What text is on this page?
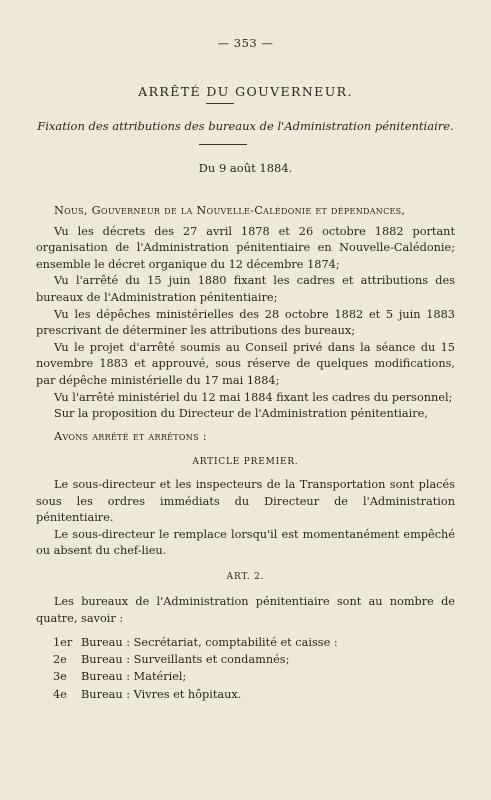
— 353 —
ARRÊTÉ DU GOUVERNEUR.
Fixation des attributions des bureaux de l'Administration pénitentiaire.
Du 9 août 1884.

Nous, Gouverneur de la Nouvelle-Calédonie et dépendances,

Vu les décrets des 27 avril 1878 et 26 octobre 1882 portant organisation de l'Administration pénitentiaire en Nouvelle-Calédonie; ensemble le décret organique du 12 décembre 1874;

Vu l'arrêté du 15 juin 1880 fixant les cadres et attributions des bureaux de l'Administration pénitentiaire;

Vu les dépêches ministérielles des 28 octobre 1882 et 5 juin 1883 prescrivant de déterminer les attributions des bureaux;

Vu le projet d'arrêté soumis au Conseil privé dans la séance du 15 novembre 1883 et approuvé, sous réserve de quelques modifications, par dépêche ministérielle du 17 mai 1884;

Vu l'arrêté ministériel du 12 mai 1884 fixant les cadres du personnel;

Sur la proposition du Directeur de l'Administration pénitentiaire,

Avons arrêté et arrêtons :

ARTICLE PREMIER.

Le sous-directeur et les inspecteurs de la Transportation sont placés sous les ordres immédiats du Directeur de l'Administration pénitentiaire.

Le sous-directeur le remplace lorsqu'il est momentanément empêché ou absent du chef-lieu.

ART. 2.

Les bureaux de l'Administration pénitentiaire sont au nombre de quatre, savoir :

1er Bureau : Secrétariat, comptabilité et caisse :
2e Bureau : Surveillants et condamnés;
3e Bureau : Matériel;
4e Bureau : Vivres et hôpitaux.
